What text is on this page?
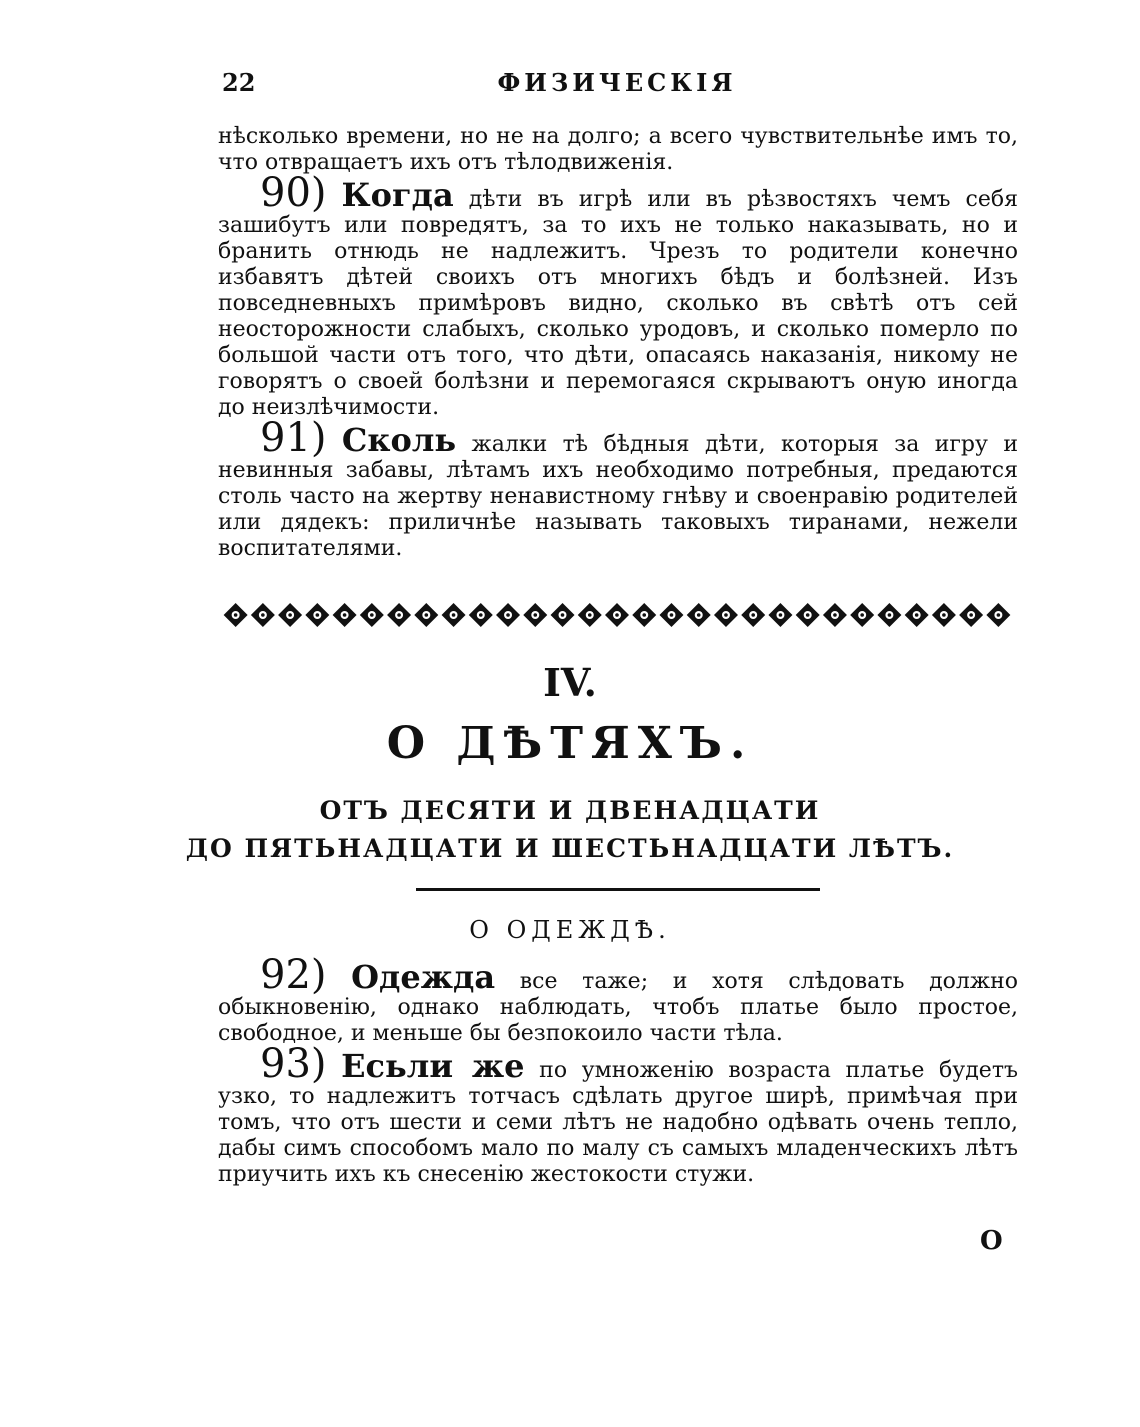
22	ФИЗИЧЕСКІЯ

нѣсколько времени, но не на долго; а всего чувствительнѣе имъ то, что отвращаетъ ихъ отъ тѣлодвиженія.

90) Когда дѣти въ игрѣ или въ рѣзвостяхъ чемъ себя зашибутъ или повредятъ, за то ихъ не только наказывать, но и бранить отнюдь не надлежитъ. Чрезъ то родители конечно избавятъ дѣтей своихъ отъ многихъ бѣдъ и болѣзней. Изъ повседневныхъ примѣровъ видно, сколько въ свѣтѣ отъ сей неосторожности слабыхъ, сколько уродовъ, и сколько померло по большой части отъ того, что дѣти, опасаясь наказанія, никому не говорятъ о своей болѣзни и перемогаяся скрываютъ оную иногда до неизлѣчимости.

91) Сколь жалки тѣ бѣдныя дѣти, которыя за игру и невинныя забавы, лѣтамъ ихъ необходимо потребныя, предаются столь часто на жертву ненавистному гнѣву и своенравію родителей или дядекъ: приличнѣе называть таковыхъ тиранами, нежели воспитателями.

IV.
О ДѢТЯХЪ.
ОТЪ ДЕСЯТИ И ДВЕНАДЦАТИ
ДО ПЯТЬНАДЦАТИ И ШЕСТЬНАДЦАТИ ЛѢТЪ.
О ОДЕЖДѢ.

92) Одежда все таже; и хотя слѣдовать должно обыкновенію, однако наблюдать, чтобъ платье было простое, свободное, и меньше бы безпокоило части тѣла.

93) Есьли же по умноженію возраста платье будетъ узко, то надлежитъ тотчасъ сдѣлать другое ширѣ, примѣчая при томъ, что отъ шести и семи лѣтъ не надобно одѣвать очень тепло, дабы симъ способомъ мало по малу съ самыхъ младенческихъ лѣтъ приучить ихъ къ снесенію жестокости стужи.

О
